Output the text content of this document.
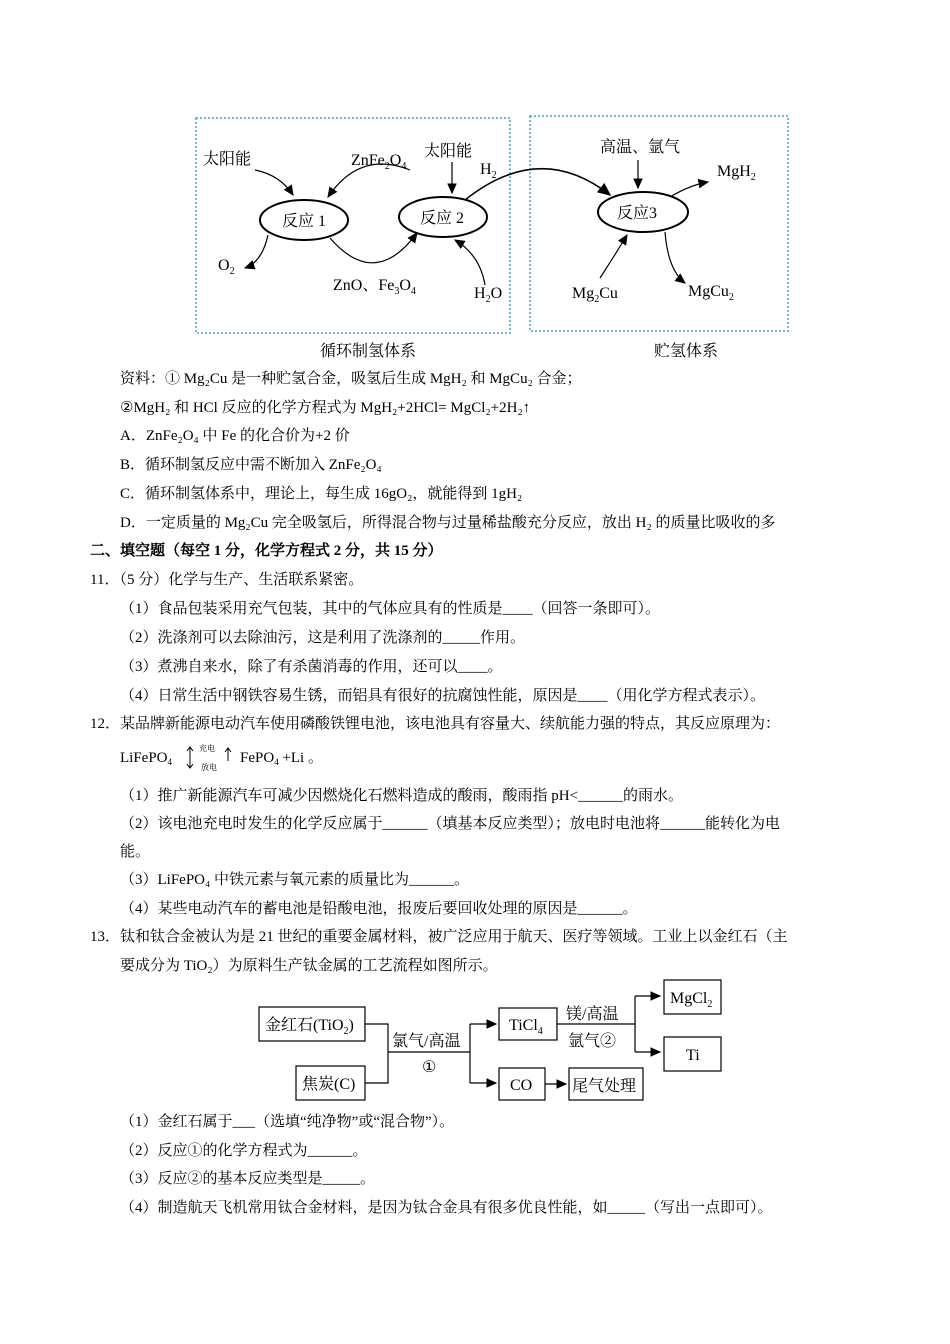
太阳能	$ZnFe_2O_4$
太阳能
$H_2$
反应 1	反应 2	反应3
$O_2$
ZnO、$Fe_3O_4$	$H_2O$
高温、氩气
MgH$_2$
$Mg_2Cu$	MgCu$_2$
循环制氢体系	贮氢体系
资料：① Mg₂Cu 是一种贮氢合金，吸氢后生成 MgH₂ 和 MgCu₂ 合金；
②MgH₂ 和 HCl 反应的化学方程式为 MgH₂+2HCl= MgCl₂+2H₂↑
A．ZnFe₂O₄ 中 Fe 的化合价为+2 价
B．循环制氢反应中需不断加入 ZnFe₂O₄
C．循环制氢体系中，理论上，每生成 16gO₂，就能得到 1gH₂
D．一定质量的 Mg₂Cu 完全吸氢后，所得混合物与过量稀盐酸充分反应，放出 H₂ 的质量比吸收的多
二、填空题（每空 1 分，化学方程式 2 分，共 15 分）
11．（5 分）化学与生产、生活联系紧密。
（1）食品包装采用充气包装，其中的气体应具有的性质是____（回答一条即可）。
（2）洗涤剂可以去除油污，这是利用了洗涤剂的_____作用。
（3）煮沸自来水，除了有杀菌消毒的作用，还可以____。
（4）日常生活中钢铁容易生锈，而铝具有很好的抗腐蚀性能，原因是____（用化学方程式表示）。
12．某品牌新能源电动汽车使用磷酸铁锂电池，该电池具有容量大、续航能力强的特点，其反应原理为：
LiFePO$_4$
充电
放电
FePO$_4$ +Li 。
（1）推广新能源汽车可减少因燃烧化石燃料造成的酸雨，酸雨指 pH<______的雨水。
（2）该电池充电时发生的化学反应属于______（填基本反应类型）；放电时电池将______能转化为电
能。
（3）LiFePO₄ 中铁元素与氧元素的质量比为______。
（4）某些电动汽车的蓄电池是铅酸电池，报废后要回收处理的原因是______。
13．钛和钛合金被认为是 21 世纪的重要金属材料，被广泛应用于航天、医疗等领域。工业上以金红石（主
要成分为 TiO₂）为原料生产钛金属的工艺流程如图所示。
金红石(TiO$_2$)
焦炭(C)
氯气/高温
①
TiCl$_4$
CO 尾气处理
镁/高温
氩气②
MgCl$_2$
Ti
（1）金红石属于___（选填“纯净物”或“混合物”）。
（2）反应①的化学方程式为______。
（3）反应②的基本反应类型是_____。
（4）制造航天飞机常用钛合金材料，是因为钛合金具有很多优良性能，如_____（写出一点即可）。
